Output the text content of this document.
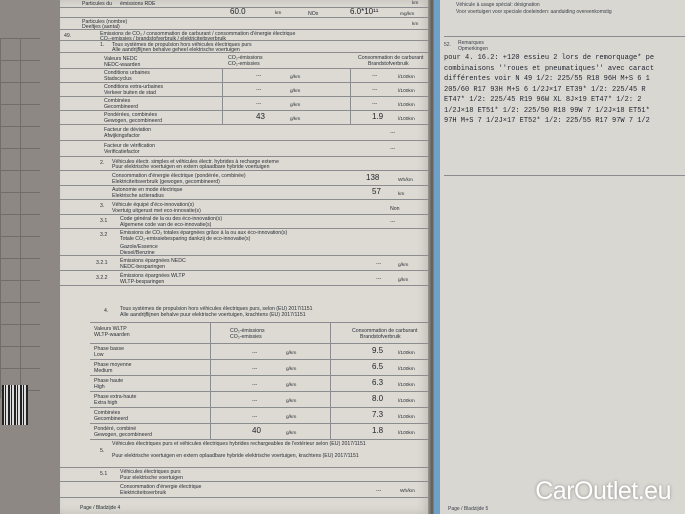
Particules du émissions RDE	km
60.0	km	NOx	6.0*10¹¹	mg/km
Particules (nombre)
Deeltjes (aantal)	km
49.	Emissions de CO₂ / consommation de carburant / consommation d'énergie électrique
CO₂-emissies / brandstofverbruik / elektriciteitsverbruik
1. Tous systèmes de propulsion hors véhicules électriques purs
Alle aandrijflijnen behalve geheel elektrische voertuigen
Valeurs NEDC
NEDC-waarden
CO₂-émissions
CO₂-emissies
Consommation de carburant
Brandstofverbruik
Conditions urbaines
Stadscyclus	---	g/km	---	l/100km
Conditions extra-urbaines
Verkeer buiten de stad	---	g/km	---	l/100km
Combinées
Gecombineerd	---	g/km	---	l/100km
Pondérées, combinées
Gewogen, gecombineerd	43	g/km	1.9	l/100km
Facteur de déviation
Afwijkingsfactor	---
Facteur de vérification
Verificatiefactor	---
2. Véhicules électr. simples et véhicules électr. hybrides à recharge externe
Puur elektrische voertuigen en extern oplaadbare hybride voertuigen
Consommation d'énergie électrique (pondérée, combinée)
Elektriciteitsverbruik (gewogen, gecombineerd)	138	Wh/km
Autonomie en mode électrique
Elektrische actieradius	57	km
3. Véhicule équipé d'éco-innovation(s)
Voertuig uitgerust met eco-innovatie(s)	Non
3.1 Code général de la ou des éco-innovation(s)
Algemene code van de eco-innovatie(s)	---
3.2 Emissions de CO₂ totales épargnées grâce à la ou aux éco-innovation(s)
Totale CO₂-emissiebesparing dankzij de eco-innovatie(s)
Gazole/Essence
Diesel/Benzine
3.2.1 Émissions épargnées NEDC
NEDC-besparingen	---	g/km
3.2.2 Émissions épargnées WLTP
WLTP-besparingen	---	g/km
4. Tous systèmes de propulsion hors véhicules électriques purs, selon (EU) 2017/1151
Alle aandrijflijnen behalve puur elektrische voertuigen, krachtens (EU) 2017/1151
Valeurs WLTP
WLTP-waarden
CO₂-émissions
CO₂-emissies
Consommation de carburant
Brandstofverbruik
Phase basse
Low	---	g/km	9.5	l/100km
Phase moyenne
Medium	---	g/km	6.5	l/100km
Phase haute
High	---	g/km	6.3	l/100km
Phase extra-haute
Extra high	---	g/km	8.0	l/100km
Combinées
Gecombineerd	---	g/km	7.3	l/100km
Pondéré, combiné
Gewogen, gecombineerd	40	g/km	1.8	l/100km
5.
Véhicules électriques purs et véhicules électriques hybrides rechargeables de l'extérieur selon (EU) 2017/1151
Puur elektrische voertuigen en extern oplaadbare hybride elektrische voertuigen, krachtens (EU) 2017/1151
5.1 Véhicules électriques purs
Puur elektrische voertuigen
Consommation d'énergie électrique
Elektriciteitsverbruik	---	Wh/km
Page / Bladzijde 4
Véhicule à usage spécial: désignation
Voor voertuigen voor speciale doeleinden: aanduiding overeenkomstig
52. Remarques
Opmerkingen
pour 4. 16.2: +120 essieu 2 lors de remorquage* pe
combinaisons ''roues et pneumatiques'' avec caract
différentes voir N 49 1/2: 225/55 R18 96H M+S 6 1
205/60 R17 93H M+S 6 1/2J×17 ET39* 1/2: 225/45 R
ET47* 1/2: 225/45 R19 96W XL 8J×19 ET47* 1/2: 2
1/2J×18 ET51* 1/2: 225/50 R18 99W 7 1/2J×18 ET51*
97H M+S 7 1/2J×17 ET52* 1/2: 225/55 R17 97W 7 1/2
Page / Bladzijde 5
CarOutlet.eu
